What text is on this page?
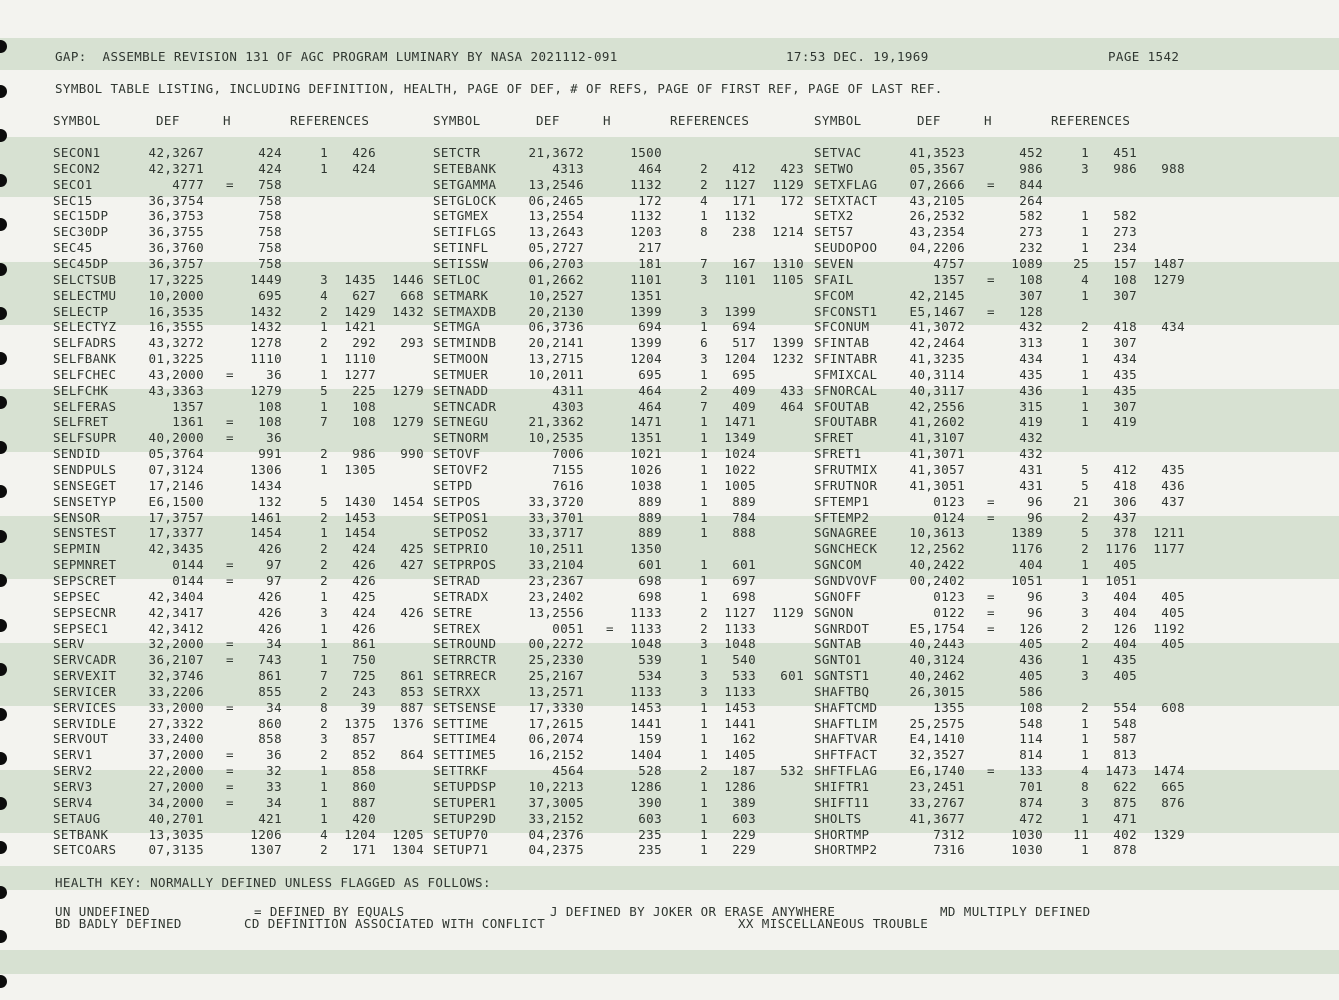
GAP:  ASSEMBLE REVISION 131 OF AGC PROGRAM LUMINARY BY NASA 2021112-091	17:53 DEC. 19,1969	PAGE 1542
SYMBOL TABLE LISTING, INCLUDING DEFINITION, HEALTH, PAGE OF DEF, # OF REFS, PAGE OF FIRST REF, PAGE OF LAST REF.
SYMBOL	DEF	H	REFERENCES	SYMBOL	DEF	H	REFERENCES	SYMBOL	DEF	H	REFERENCES
SECON1	42,3267	424	1	426
SECON2	42,3271	424	1	424
SECO1	4777 =	758
SEC15	36,3754	758
SEC15DP	36,3753	758
SEC30DP	36,3755	758
SEC45	36,3760	758
SEC45DP	36,3757	758
SELCTSUB	17,3225	1449	3	1435	1446
SELECTMU	10,2000	695	4	627	668
SELECTP	16,3535	1432	2	1429	1432
SELECTYZ	16,3555	1432	1	1421
SELFADRS	43,3272	1278	2	292	293
SELFBANK	01,3225	1110	1	1110
SELFCHEC	43,2000 =	36	1	1277
SELFCHK	43,3363	1279	5	225	1279
SELFERAS	1357	108	1	108
SELFRET	1361 =	108	7	108	1279
SELFSUPR	40,2000 =	36
SENDID	05,3764	991	2	986	990
SENDPULS	07,3124	1306	1	1305
SENSEGET	17,2146	1434
SENSETYP	E6,1500	132	5	1430	1454
SENSOR	17,3757	1461	2	1453
SENSTEST	17,3377	1454	1	1454
SEPMIN	42,3435	426	2	424	425
SEPMNRET	0144 =	97	2	426	427
SEPSCRET	0144 =	97	2	426
SEPSEC	42,3404	426	1	425
SEPSECNR	42,3417	426	3	424	426
SEPSEC1	42,3412	426	1	426
SERV	32,2000 =	34	1	861
SERVCADR	36,2107 =	743	1	750
SERVEXIT	32,3746	861	7	725	861
SERVICER	33,2206	855	2	243	853
SERVICES	33,2000 =	34	8	39	887
SERVIDLE	27,3322	860	2	1375	1376
SERVOUT	33,2400	858	3	857
SERV1	37,2000 =	36	2	852	864
SERV2	22,2000 =	32	1	858
SERV3	27,2000 =	33	1	860
SERV4	34,2000 =	34	1	887
SETAUG	40,2701	421	1	420
SETBANK	13,3035	1206	4	1204	1205
SETCOARS	07,3135	1307	2	171	1304
SETCTR	21,3672	1500
SETEBANK	4313	464	2	412	423
SETGAMMA	13,2546	1132	2	1127	1129
SETGLOCK	06,2465	172	4	171	172
SETGMEX	13,2554	1132	1	1132
SETIFLGS	13,2643	1203	8	238	1214
SETINFL	05,2727	217
SETISSW	06,2703	181	7	167	1310
SETLOC	01,2662	1101	3	1101	1105
SETMARK	10,2527	1351
SETMAXDB	20,2130	1399	3	1399
SETMGA	06,3736	694	1	694
SETMINDB	20,2141	1399	6	517	1399
SETMOON	13,2715	1204	3	1204	1232
SETMUER	10,2011	695	1	695
SETNADD	4311	464	2	409	433
SETNCADR	4303	464	7	409	464
SETNEGU	21,3362	1471	1	1471
SETNORM	10,2535	1351	1	1349
SETOVF	7006	1021	1	1024
SETOVF2	7155	1026	1	1022
SETPD	7616	1038	1	1005
SETPOS	33,3720	889	1	889
SETPOS1	33,3701	889	1	784
SETPOS2	33,3717	889	1	888
SETPRIO	10,2511	1350
SETPRPOS	33,2104	601	1	601
SETRAD	23,2367	698	1	697
SETRADX	23,2402	698	1	698
SETRE	13,2556	1133	2	1127	1129
SETREX	0051 =	1133	2	1133
SETROUND	00,2272	1048	3	1048
SETRRCTR	25,2330	539	1	540
SETRRECR	25,2167	534	3	533	601
SETRXX	13,2571	1133	3	1133
SETSENSE	17,3330	1453	1	1453
SETTIME	17,2615	1441	1	1441
SETTIME4	06,2074	159	1	162
SETTIME5	16,2152	1404	1	1405
SETTRKF	4564	528	2	187	532
SETUPDSP	10,2213	1286	1	1286
SETUPER1	37,3005	390	1	389
SETUP29D	33,2152	603	1	603
SETUP70	04,2376	235	1	229
SETUP71	04,2375	235	1	229
SETVAC	41,3523	452	1	451
SETWO	05,3567	986	3	986	988
SETXFLAG	07,2666 =	844
SETXTACT	43,2105	264
SETX2	26,2532	582	1	582
SET57	43,2354	273	1	273
SEUDOPOO	04,2206	232	1	234
SEVEN	4757	1089	25	157	1487
SFAIL	1357 =	108	4	108	1279
SFCOM	42,2145	307	1	307
SFCONST1	E5,1467 =	128
SFCONUM	41,3072	432	2	418	434
SFINTAB	42,2464	313	1	307
SFINTABR	41,3235	434	1	434
SFMIXCAL	40,3114	435	1	435
SFNORCAL	40,3117	436	1	435
SFOUTAB	42,2556	315	1	307
SFOUTABR	41,2602	419	1	419
SFRET	41,3107	432
SFRET1	41,3071	432
SFRUTMIX	41,3057	431	5	412	435
SFRUTNOR	41,3051	431	5	418	436
SFTEMP1	0123 =	96	21	306	437
SFTEMP2	0124 =	96	2	437
SGNAGREE	10,3613	1389	5	378	1211
SGNCHECK	12,2562	1176	2	1176	1177
SGNCOM	40,2422	404	1	405
SGNDVOVF	00,2402	1051	1	1051
SGNOFF	0123 =	96	3	404	405
SGNON	0122 =	96	3	404	405
SGNRDOT	E5,1754 =	126	2	126	1192
SGNTAB	40,2443	405	2	404	405
SGNTO1	40,3124	436	1	435
SGNTST1	40,2462	405	3	405
SHAFTBQ	26,3015	586
SHAFTCMD	1355	108	2	554	608
SHAFTLIM	25,2575	548	1	548
SHAFTVAR	E4,1410	114	1	587
SHFTFACT	32,3527	814	1	813
SHFTFLAG	E6,1740 =	133	4	1473	1474
SHIFTR1	23,2451	701	8	622	665
SHIFT11	33,2767	874	3	875	876
SHOLTS	41,3677	472	1	471
SHORTMP	7312	1030	11	402	1329
SHORTMP2	7316	1030	1	878
HEALTH KEY: NORMALLY DEFINED UNLESS FLAGGED AS FOLLOWS:
UN UNDEFINED
BD BADLY DEFINED
= DEFINED BY EQUALS
CD DEFINITION ASSOCIATED WITH CONFLICT
J DEFINED BY JOKER OR ERASE ANYWHERE
XX MISCELLANEOUS TROUBLE
MD MULTIPLY DEFINED
